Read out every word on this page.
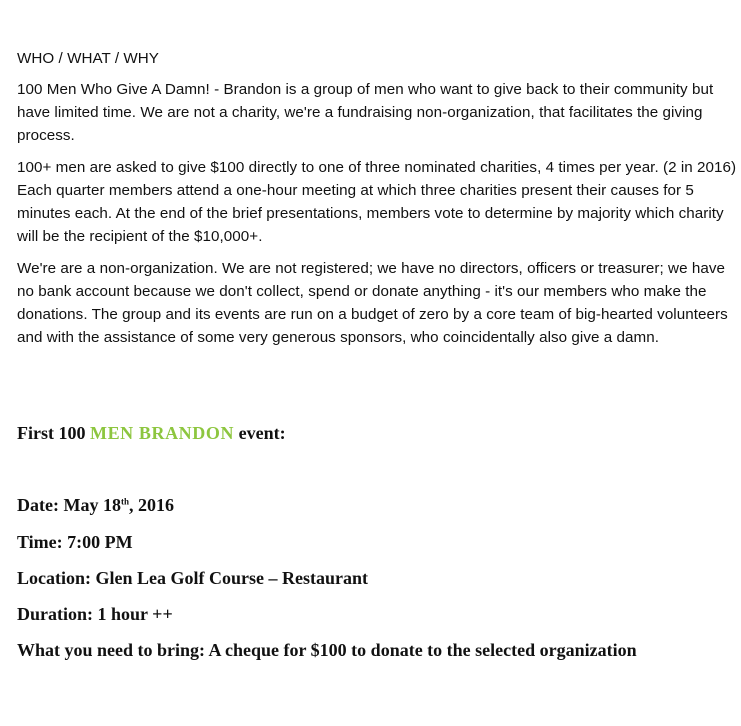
WHO / WHAT / WHY

100 Men Who Give A Damn! - Brandon is a group of men who want to give back to their community but have limited time. We are not a charity, we're a fundraising non-organization, that facilitates the giving process.

100+ men are asked to give $100 directly to one of three nominated charities, 4 times per year. (2 in 2016) Each quarter members attend a one-hour meeting at which three charities present their causes for 5 minutes each. At the end of the brief presentations, members vote to determine by majority which charity will be the recipient of the $10,000+.

We're are a non-organization. We are not registered; we have no directors, officers or treasurer; we have no bank account because we don't collect, spend or donate anything - it's our members who make the donations. The group and its events are run on a budget of zero by a core team of big-hearted volunteers and with the assistance of some very generous sponsors, who coincidentally also give a damn.

First 100 MEN BRANDON event:

Date: May 18th, 2016

Time: 7:00 PM

Location: Glen Lea Golf Course – Restaurant

Duration: 1 hour ++

What you need to bring: A cheque for $100 to donate to the selected organization
